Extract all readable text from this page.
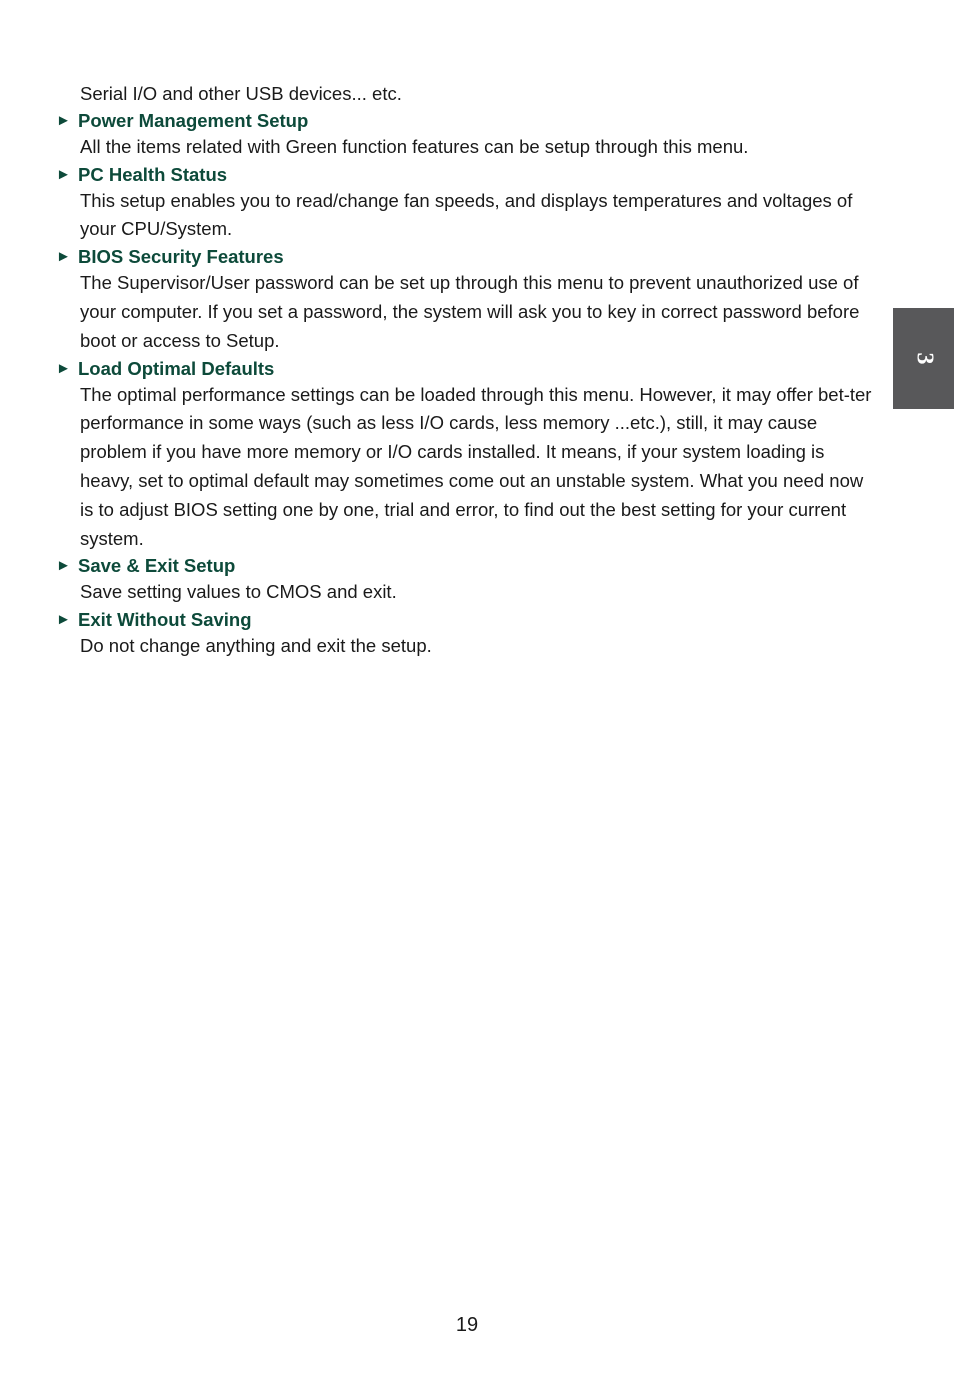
Serial I/O and other USB devices... etc.

► Power Management Setup

All the items related with Green function features can be setup through this menu.

► PC Health Status

This setup enables you to read/change fan speeds, and displays temperatures and voltages of your CPU/System.

► BIOS Security Features

The Supervisor/User password can be set up through this menu to prevent unauthorized use of your computer. If you set a password, the system will ask you to key in correct password before boot or access to Setup.

► Load Optimal Defaults

The optimal performance settings can be loaded through this menu. However, it may offer bet-ter performance in some ways (such as less I/O cards, less memory ...etc.), still, it may cause problem if you have more memory or I/O cards installed. It means, if your system loading is heavy, set to optimal default may sometimes come out an unstable system. What you need now is to adjust BIOS setting one by one, trial and error, to find out the best setting for your current system.

► Save & Exit Setup

Save setting values to CMOS and exit.

► Exit Without Saving

Do not change anything and exit the setup.

3
19
